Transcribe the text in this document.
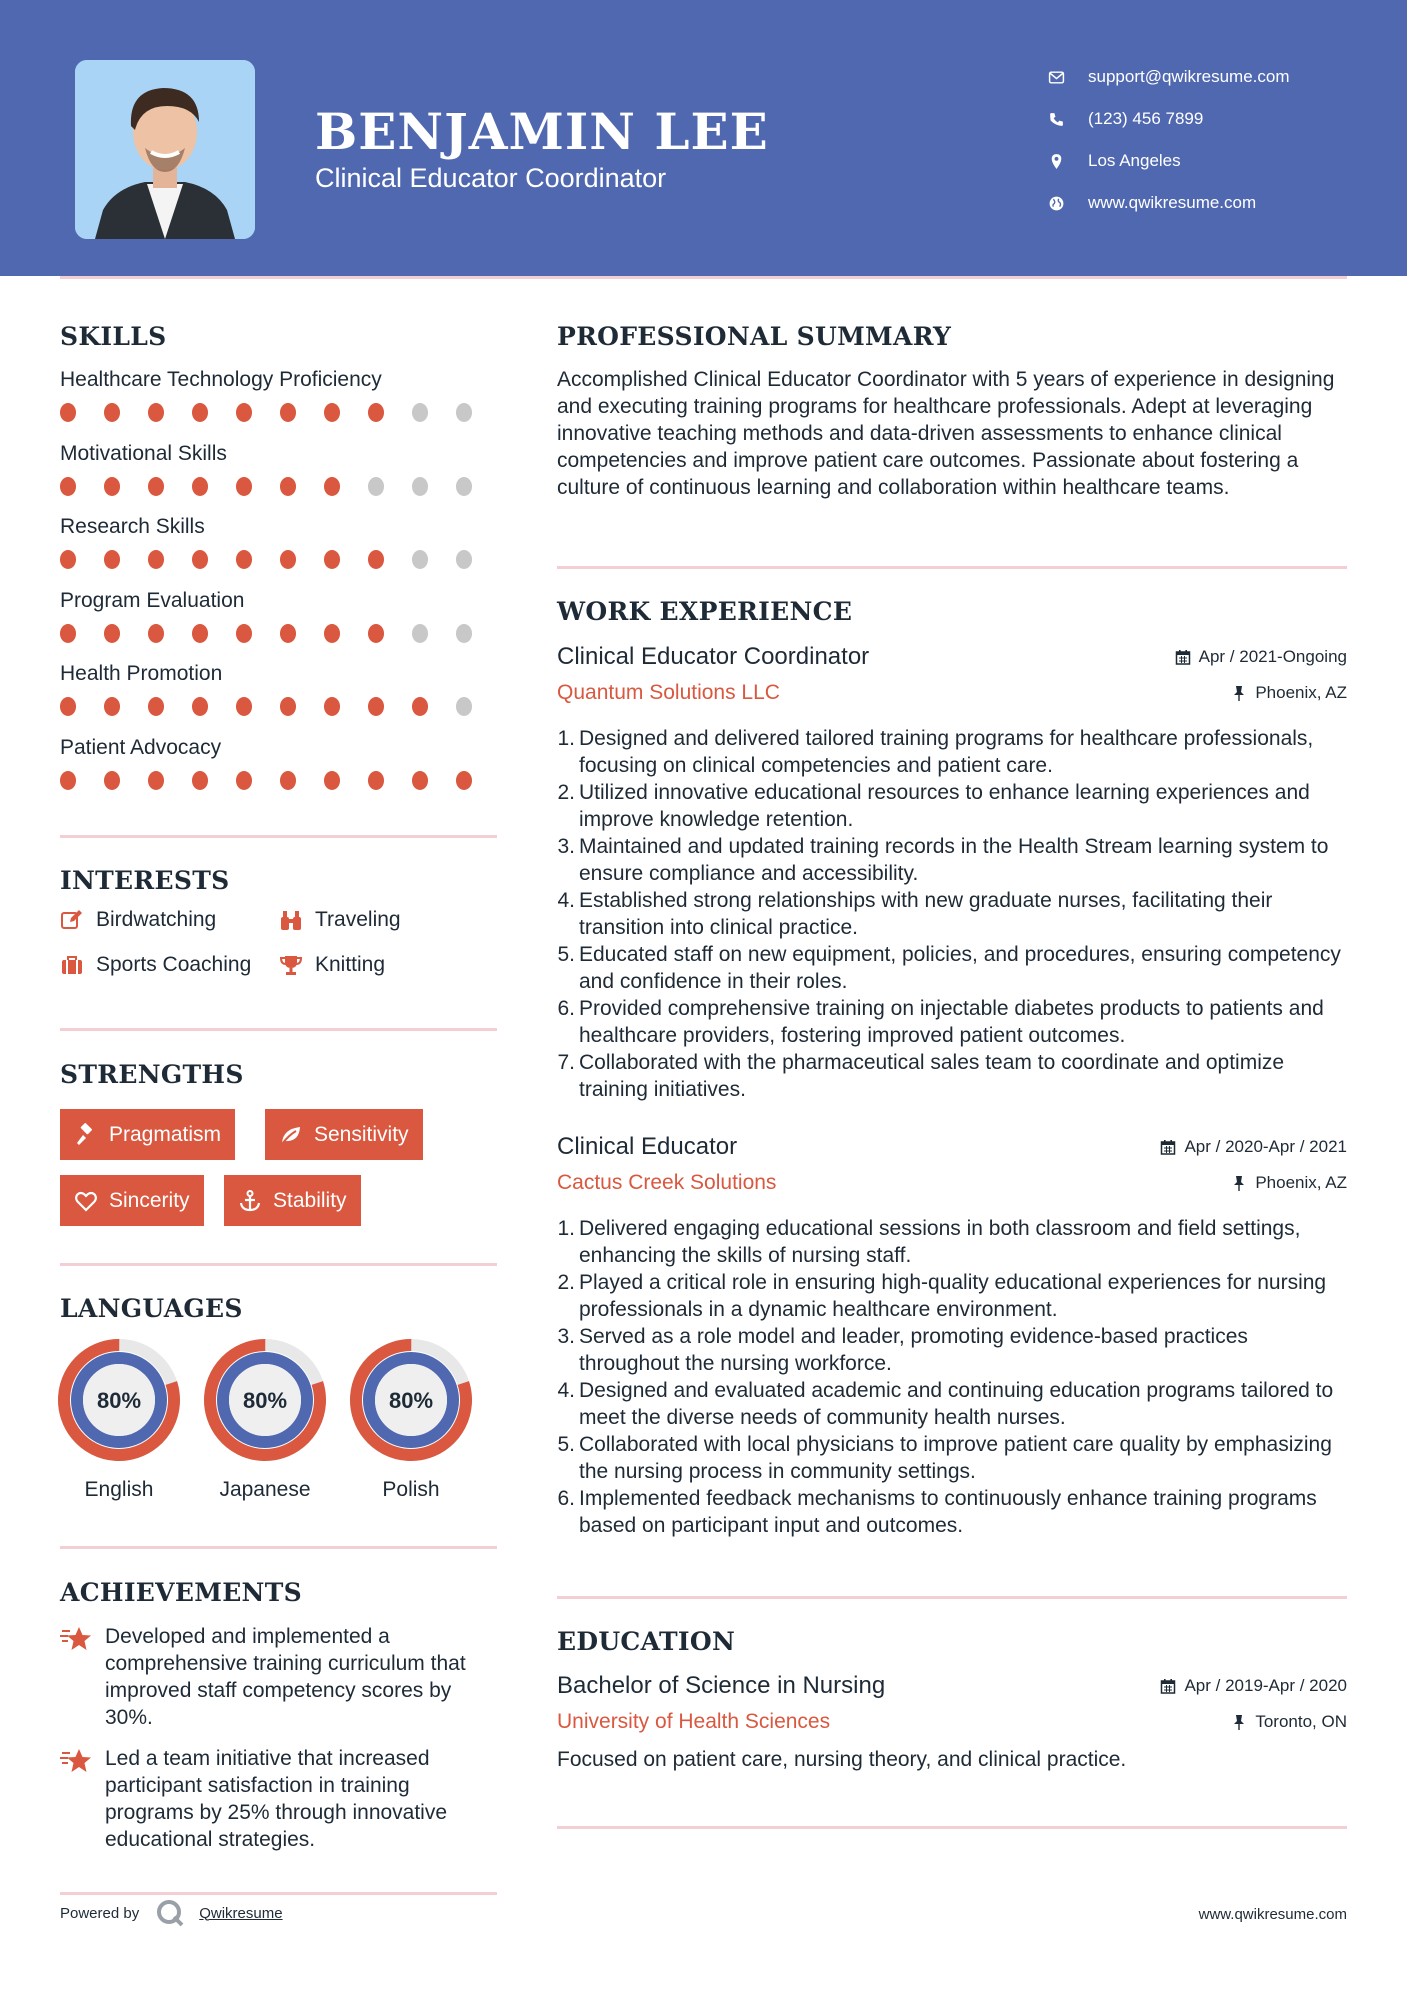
BENJAMIN LEE
Clinical Educator Coordinator
support@qwikresume.com
(123) 456 7899
Los Angeles
www.qwikresume.com
SKILLS
Healthcare Technology Proficiency
Motivational Skills
Research Skills
Program Evaluation
Health Promotion
Patient Advocacy
INTERESTS
Birdwatching	Traveling
Sports Coaching	Knitting
STRENGTHS
Pragmatism	Sensitivity
Sincerity	Stability
LANGUAGES
80%
English
80%
Japanese
80%
Polish
ACHIEVEMENTS
Developed and implemented a comprehensive training curriculum that improved staff competency scores by 30%.
Led a team initiative that increased participant satisfaction in training programs by 25% through innovative educational strategies.
PROFESSIONAL SUMMARY
Accomplished Clinical Educator Coordinator with 5 years of experience in designing and executing training programs for healthcare professionals. Adept at leveraging innovative teaching methods and data-driven assessments to enhance clinical competencies and improve patient care outcomes. Passionate about fostering a culture of continuous learning and collaboration within healthcare teams.
WORK EXPERIENCE
Clinical Educator Coordinator	Apr / 2021-Ongoing
Quantum Solutions LLC	Phoenix, AZ
1. Designed and delivered tailored training programs for healthcare professionals, focusing on clinical competencies and patient care.
2. Utilized innovative educational resources to enhance learning experiences and improve knowledge retention.
3. Maintained and updated training records in the Health Stream learning system to ensure compliance and accessibility.
4. Established strong relationships with new graduate nurses, facilitating their transition into clinical practice.
5. Educated staff on new equipment, policies, and procedures, ensuring competency and confidence in their roles.
6. Provided comprehensive training on injectable diabetes products to patients and healthcare providers, fostering improved patient outcomes.
7. Collaborated with the pharmaceutical sales team to coordinate and optimize training initiatives.
Clinical Educator	Apr / 2020-Apr / 2021
Cactus Creek Solutions	Phoenix, AZ
1. Delivered engaging educational sessions in both classroom and field settings, enhancing the skills of nursing staff.
2. Played a critical role in ensuring high-quality educational experiences for nursing professionals in a dynamic healthcare environment.
3. Served as a role model and leader, promoting evidence-based practices throughout the nursing workforce.
4. Designed and evaluated academic and continuing education programs tailored to meet the diverse needs of community health nurses.
5. Collaborated with local physicians to improve patient care quality by emphasizing the nursing process in community settings.
6. Implemented feedback mechanisms to continuously enhance training programs based on participant input and outcomes.
EDUCATION
Bachelor of Science in Nursing	Apr / 2019-Apr / 2020
University of Health Sciences	Toronto, ON
Focused on patient care, nursing theory, and clinical practice.
Powered by	Qwikresume	www.qwikresume.com
